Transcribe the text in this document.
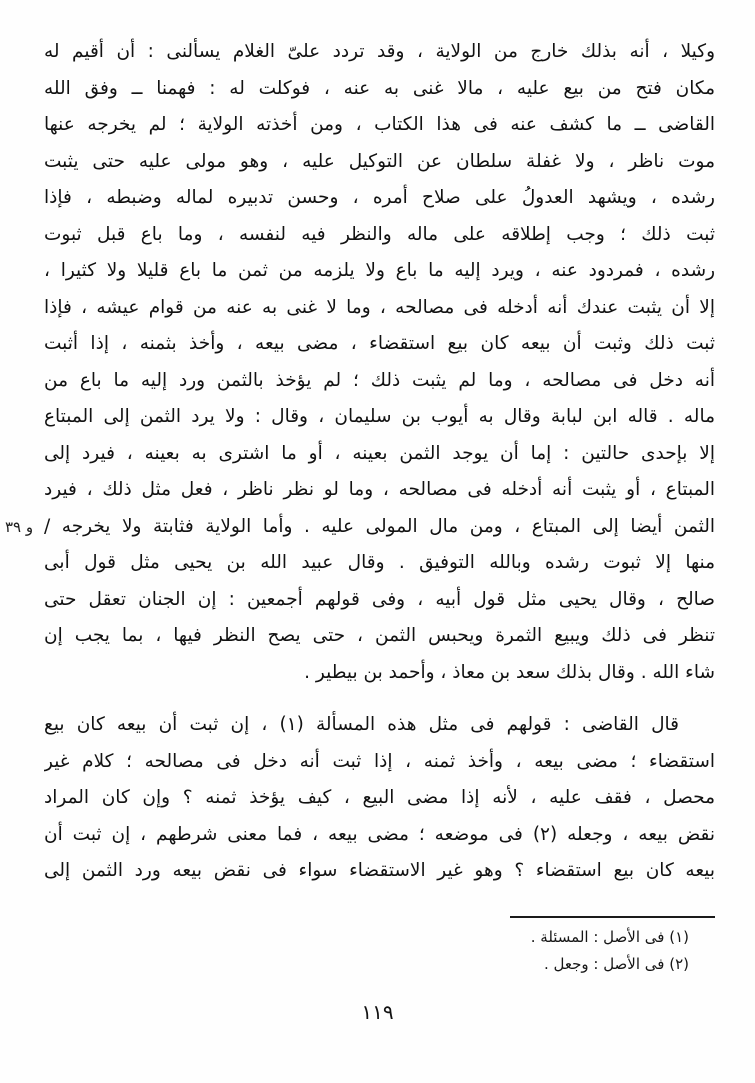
و ٣٩
وكيلا ، أنه بذلك خارج من الولاية ، وقد تردد علىّ الغلام يسألنى : أن أقيم له
مكان فتح من بيع عليه ، مالا غنى به عنه ، فوكلت له : فهمنا ــ وفق الله
القاضى ــ ما كشف عنه فى هذا الكتاب ، ومن أخذته الولاية ؛ لم يخرجه عنها
موت ناظر ، ولا غفلة سلطان عن التوكيل عليه ، وهو مولى عليه حتى يثبت
رشده ، ويشهد العدولُ على صلاح أمره ، وحسن تدبيره لماله وضبطه ، فإذا
ثبت ذلك ؛ وجب إطلاقه على ماله والنظر فيه لنفسه ، وما باع قبل ثبوت
رشده ، فمردود عنه ، ويرد إليه ما باع ولا يلزمه من ثمن ما باع قليلا ولا كثيرا ،
إلا أن يثبت عندك أنه أدخله فى مصالحه ، وما لا غنى به عنه من قوام عيشه ، فإذا
ثبت ذلك وثبت أن بيعه كان بيع استقضاء ، مضى بيعه ، وأخذ بثمنه ، إذا أثبت
أنه دخل فى مصالحه ، وما لم يثبت ذلك ؛ لم يؤخذ بالثمن ورد إليه ما باع من
ماله . قاله ابن لبابة وقال به أيوب بن سليمان ، وقال : ولا يرد الثمن إلى المبتاع
إلا بإحدى حالتين : إما أن يوجد الثمن بعينه ، أو ما اشترى به بعينه ، فيرد إلى
المبتاع ، أو يثبت أنه أدخله فى مصالحه ، وما لو نظر ناظر ، فعل مثل ذلك ، فيرد
الثمن أيضا إلى المبتاع ، ومن مال المولى عليه . وأما الولاية فثابتة ولا يخرجه /
منها إلا ثبوت رشده وبالله التوفيق . وقال عبيد الله بن يحيى مثل قول أبى
صالح ، وقال يحيى مثل قول أبيه ، وفى قولهم أجمعين : إن الجنان تعقل حتى
تنظر فى ذلك ويبيع الثمرة ويحبس الثمن ، حتى يصح النظر فيها ، بما يجب إن
شاء الله . وقال بذلك سعد بن معاذ ، وأحمد بن بيطير .
قال القاضى : قولهم فى مثل هذه المسألة (١) ، إن ثبت أن بيعه كان بيع
استقضاء ؛ مضى بيعه ، وأخذ ثمنه ، إذا ثبت أنه دخل فى مصالحه ؛ كلام غير
محصل ، فقف عليه ، لأنه إذا مضى البيع ، كيف يؤخذ ثمنه ؟ وإن كان المراد
نقض بيعه ، وجعله (٢) فى موضعه ؛ مضى بيعه ، فما معنى شرطهم ، إن ثبت أن
بيعه كان بيع استقضاء ؟ وهو غير الاستقضاء سواء فى نقض بيعه ورد الثمن إلى
(١) فى الأصل : المسئلة .
(٢) فى الأصل : وجعل .
١١٩
